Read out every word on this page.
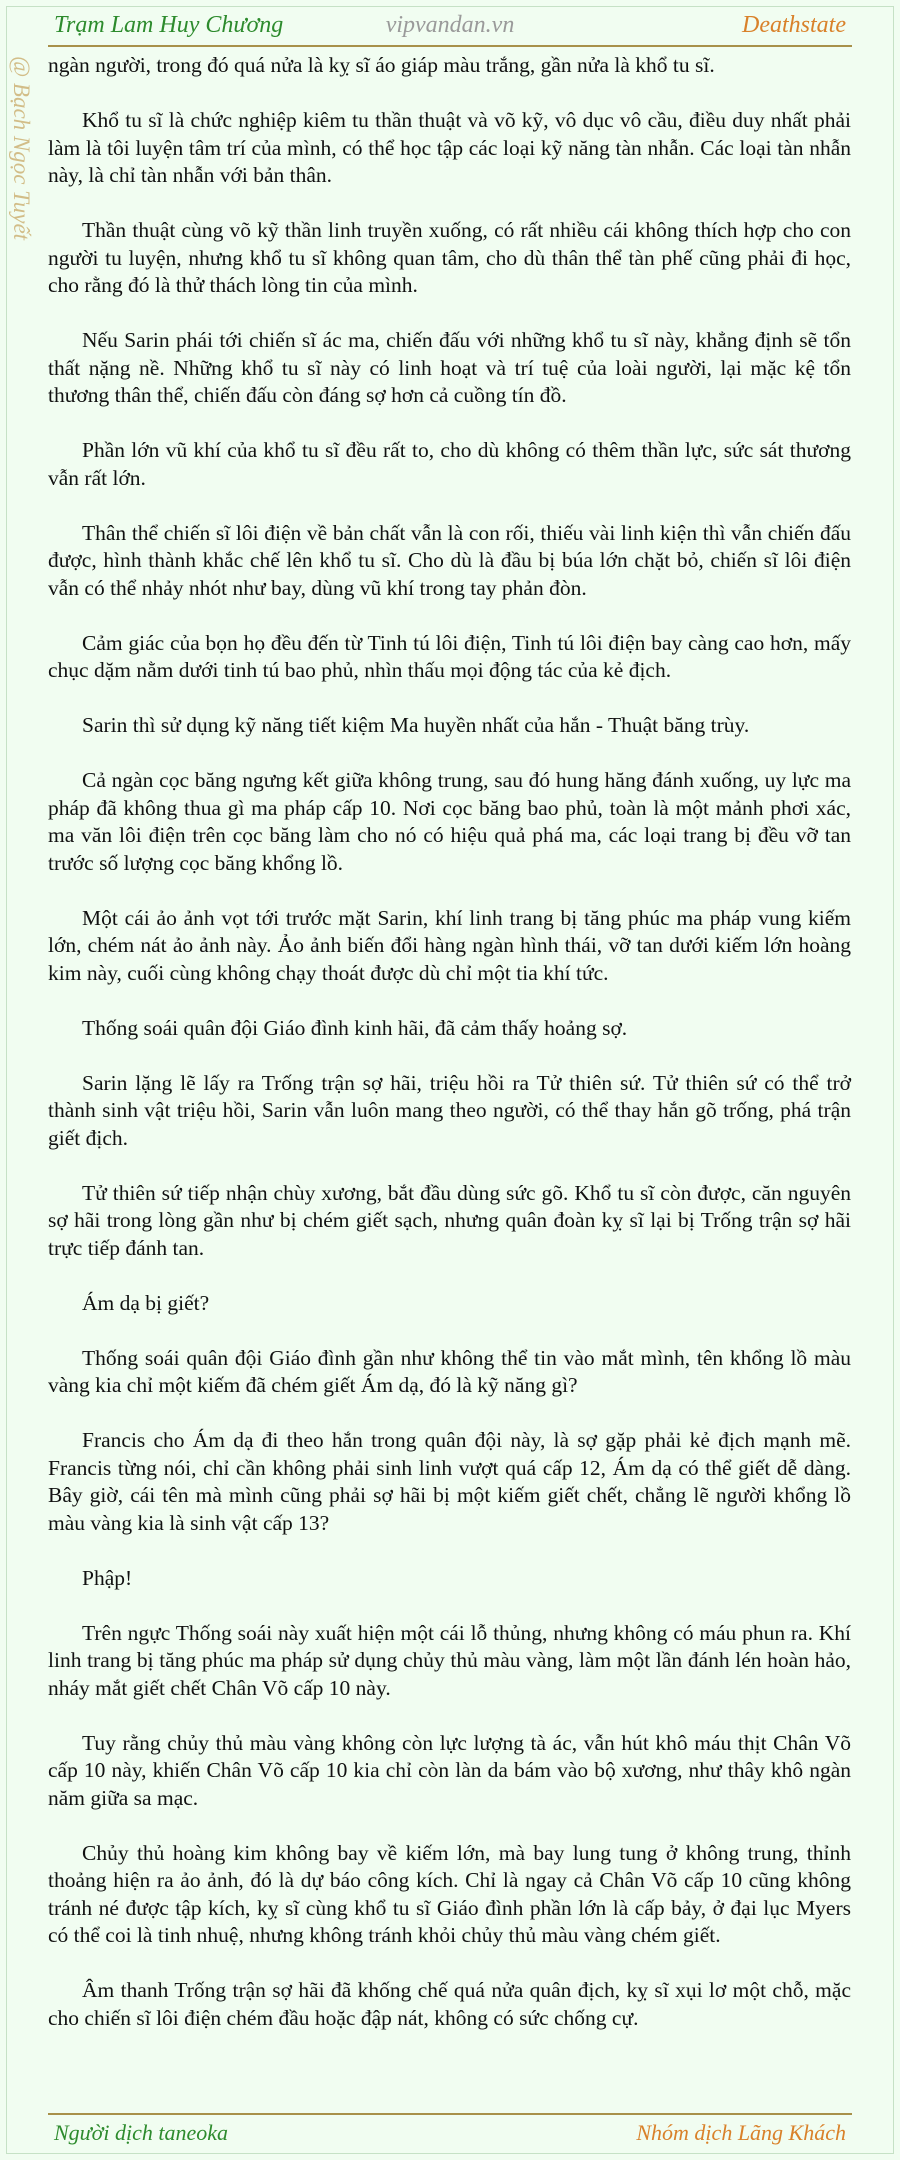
Trạm Lam Huy Chương	vipvandan.vn	Deathstate
@ Bạch Ngọc Tuyết ngàn người, trong đó quá nửa là kỵ sĩ áo giáp màu trắng, gần nửa là khổ tu sĩ.

Khổ tu sĩ là chức nghiệp kiêm tu thần thuật và võ kỹ, vô dục vô cầu, điều duy nhất phải làm là tôi luyện tâm trí của mình, có thể học tập các loại kỹ năng tàn nhẫn. Các loại tàn nhẫn này, là chỉ tàn nhẫn với bản thân.

Thần thuật cùng võ kỹ thần linh truyền xuống, có rất nhiều cái không thích hợp cho con người tu luyện, nhưng khổ tu sĩ không quan tâm, cho dù thân thể tàn phế cũng phải đi học, cho rằng đó là thử thách lòng tin của mình.

Nếu Sarin phái tới chiến sĩ ác ma, chiến đấu với những khổ tu sĩ này, khẳng định sẽ tổn thất nặng nề. Những khổ tu sĩ này có linh hoạt và trí tuệ của loài người, lại mặc kệ tổn thương thân thể, chiến đấu còn đáng sợ hơn cả cuồng tín đồ.

Phần lớn vũ khí của khổ tu sĩ đều rất to, cho dù không có thêm thần lực, sức sát thương vẫn rất lớn.

Thân thể chiến sĩ lôi điện về bản chất vẫn là con rối, thiếu vài linh kiện thì vẫn chiến đấu được, hình thành khắc chế lên khổ tu sĩ. Cho dù là đầu bị búa lớn chặt bỏ, chiến sĩ lôi điện vẫn có thể nhảy nhót như bay, dùng vũ khí trong tay phản đòn.

Cảm giác của bọn họ đều đến từ Tinh tú lôi điện, Tinh tú lôi điện bay càng cao hơn, mấy chục dặm nằm dưới tinh tú bao phủ, nhìn thấu mọi động tác của kẻ địch.

Sarin thì sử dụng kỹ năng tiết kiệm Ma huyền nhất của hắn - Thuật băng trùy.

Cả ngàn cọc băng ngưng kết giữa không trung, sau đó hung hăng đánh xuống, uy lực ma pháp đã không thua gì ma pháp cấp 10. Nơi cọc băng bao phủ, toàn là một mảnh phơi xác, ma văn lôi điện trên cọc băng làm cho nó có hiệu quả phá ma, các loại trang bị đều vỡ tan trước số lượng cọc băng khổng lồ.

Một cái ảo ảnh vọt tới trước mặt Sarin, khí linh trang bị tăng phúc ma pháp vung kiếm lớn, chém nát ảo ảnh này. Ảo ảnh biến đổi hàng ngàn hình thái, vỡ tan dưới kiếm lớn hoàng kim này, cuối cùng không chạy thoát được dù chỉ một tia khí tức.

Thống soái quân đội Giáo đình kinh hãi, đã cảm thấy hoảng sợ.

Sarin lặng lẽ lấy ra Trống trận sợ hãi, triệu hồi ra Tử thiên sứ. Tử thiên sứ có thể trở thành sinh vật triệu hồi, Sarin vẫn luôn mang theo người, có thể thay hắn gõ trống, phá trận giết địch.

Tử thiên sứ tiếp nhận chùy xương, bắt đầu dùng sức gõ. Khổ tu sĩ còn được, căn nguyên sợ hãi trong lòng gần như bị chém giết sạch, nhưng quân đoàn kỵ sĩ lại bị Trống trận sợ hãi trực tiếp đánh tan.

Ám dạ bị giết?

Thống soái quân đội Giáo đình gần như không thể tin vào mắt mình, tên khổng lồ màu vàng kia chỉ một kiếm đã chém giết Ám dạ, đó là kỹ năng gì?

Francis cho Ám dạ đi theo hắn trong quân đội này, là sợ gặp phải kẻ địch mạnh mẽ. Francis từng nói, chỉ cần không phải sinh linh vượt quá cấp 12, Ám dạ có thể giết dễ dàng. Bây giờ, cái tên mà mình cũng phải sợ hãi bị một kiếm giết chết, chẳng lẽ người khổng lồ màu vàng kia là sinh vật cấp 13?

Phập!

Trên ngực Thống soái này xuất hiện một cái lỗ thủng, nhưng không có máu phun ra. Khí linh trang bị tăng phúc ma pháp sử dụng chủy thủ màu vàng, làm một lần đánh lén hoàn hảo, nháy mắt giết chết Chân Võ cấp 10 này.

Tuy rằng chủy thủ màu vàng không còn lực lượng tà ác, vẫn hút khô máu thịt Chân Võ cấp 10 này, khiến Chân Võ cấp 10 kia chỉ còn làn da bám vào bộ xương, như thây khô ngàn năm giữa sa mạc.

Chủy thủ hoàng kim không bay về kiếm lớn, mà bay lung tung ở không trung, thỉnh thoảng hiện ra ảo ảnh, đó là dự báo công kích. Chỉ là ngay cả Chân Võ cấp 10 cũng không tránh né được tập kích, kỵ sĩ cùng khổ tu sĩ Giáo đình phần lớn là cấp bảy, ở đại lục Myers có thể coi là tinh nhuệ, nhưng không tránh khỏi chủy thủ màu vàng chém giết.

Âm thanh Trống trận sợ hãi đã khống chế quá nửa quân địch, kỵ sĩ xụi lơ một chỗ, mặc cho chiến sĩ lôi điện chém đầu hoặc đập nát, không có sức chống cự.

Người dịch taneoka	Nhóm dịch Lãng Khách
